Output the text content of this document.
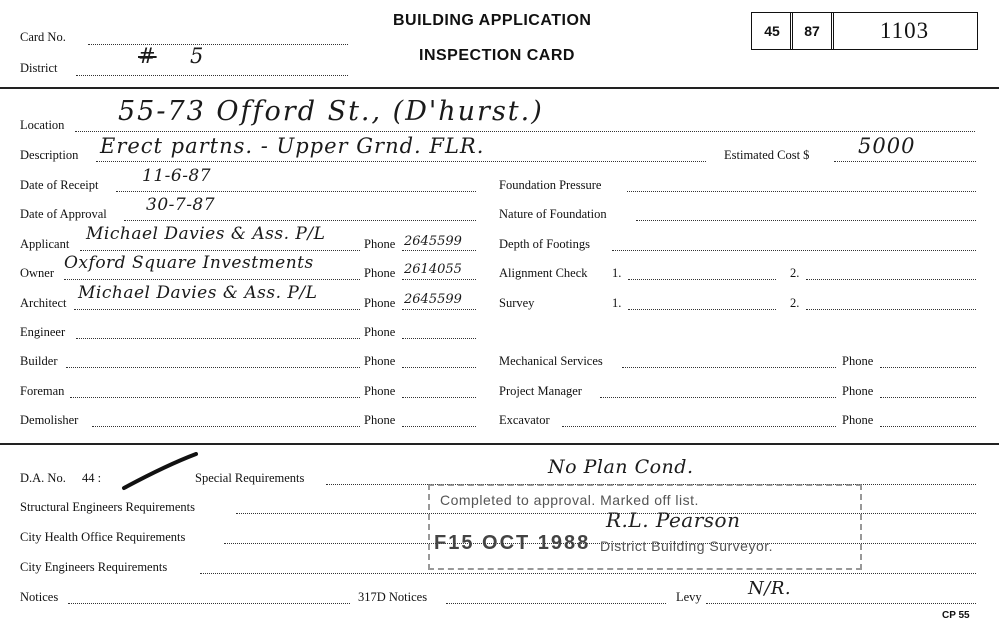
Card No.
District	# 5
BUILDING APPLICATION
INSPECTION CARD
45	87	1103
Location 55-73 Offord St., (D'hurst.)
Description Erect partns. - Upper Grnd. FLR.	Estimated Cost $ 5000
Date of Receipt	11-6-87
Date of Approval 30-7-87
Applicant Michael Davies & Ass. P/L	Phone 2645599
Owner Oxford Square Investments	Phone 2614055
Architect Michael Davies & Ass. P/L	Phone 2645599
Engineer	Phone
Builder	Phone
Foreman	Phone
Demolisher	Phone
Foundation Pressure
Nature of Foundation
Depth of Footings
Alignment Check 1.	2.
Survey	1.	2.
Mechanical Services	Phone
Project Manager	Phone
Excavator	Phone
D.A. No. 44 :	Special Requirements	No Plan Cond.
Structural Engineers Requirements
City Health Office Requirements
City Engineers Requirements
Notices	317D Notices	Levy	N/R.
Completed to approval. Marked off list.
F15 OCT 1988
R.L. Pearson
District Building Surveyor.
CP 55
